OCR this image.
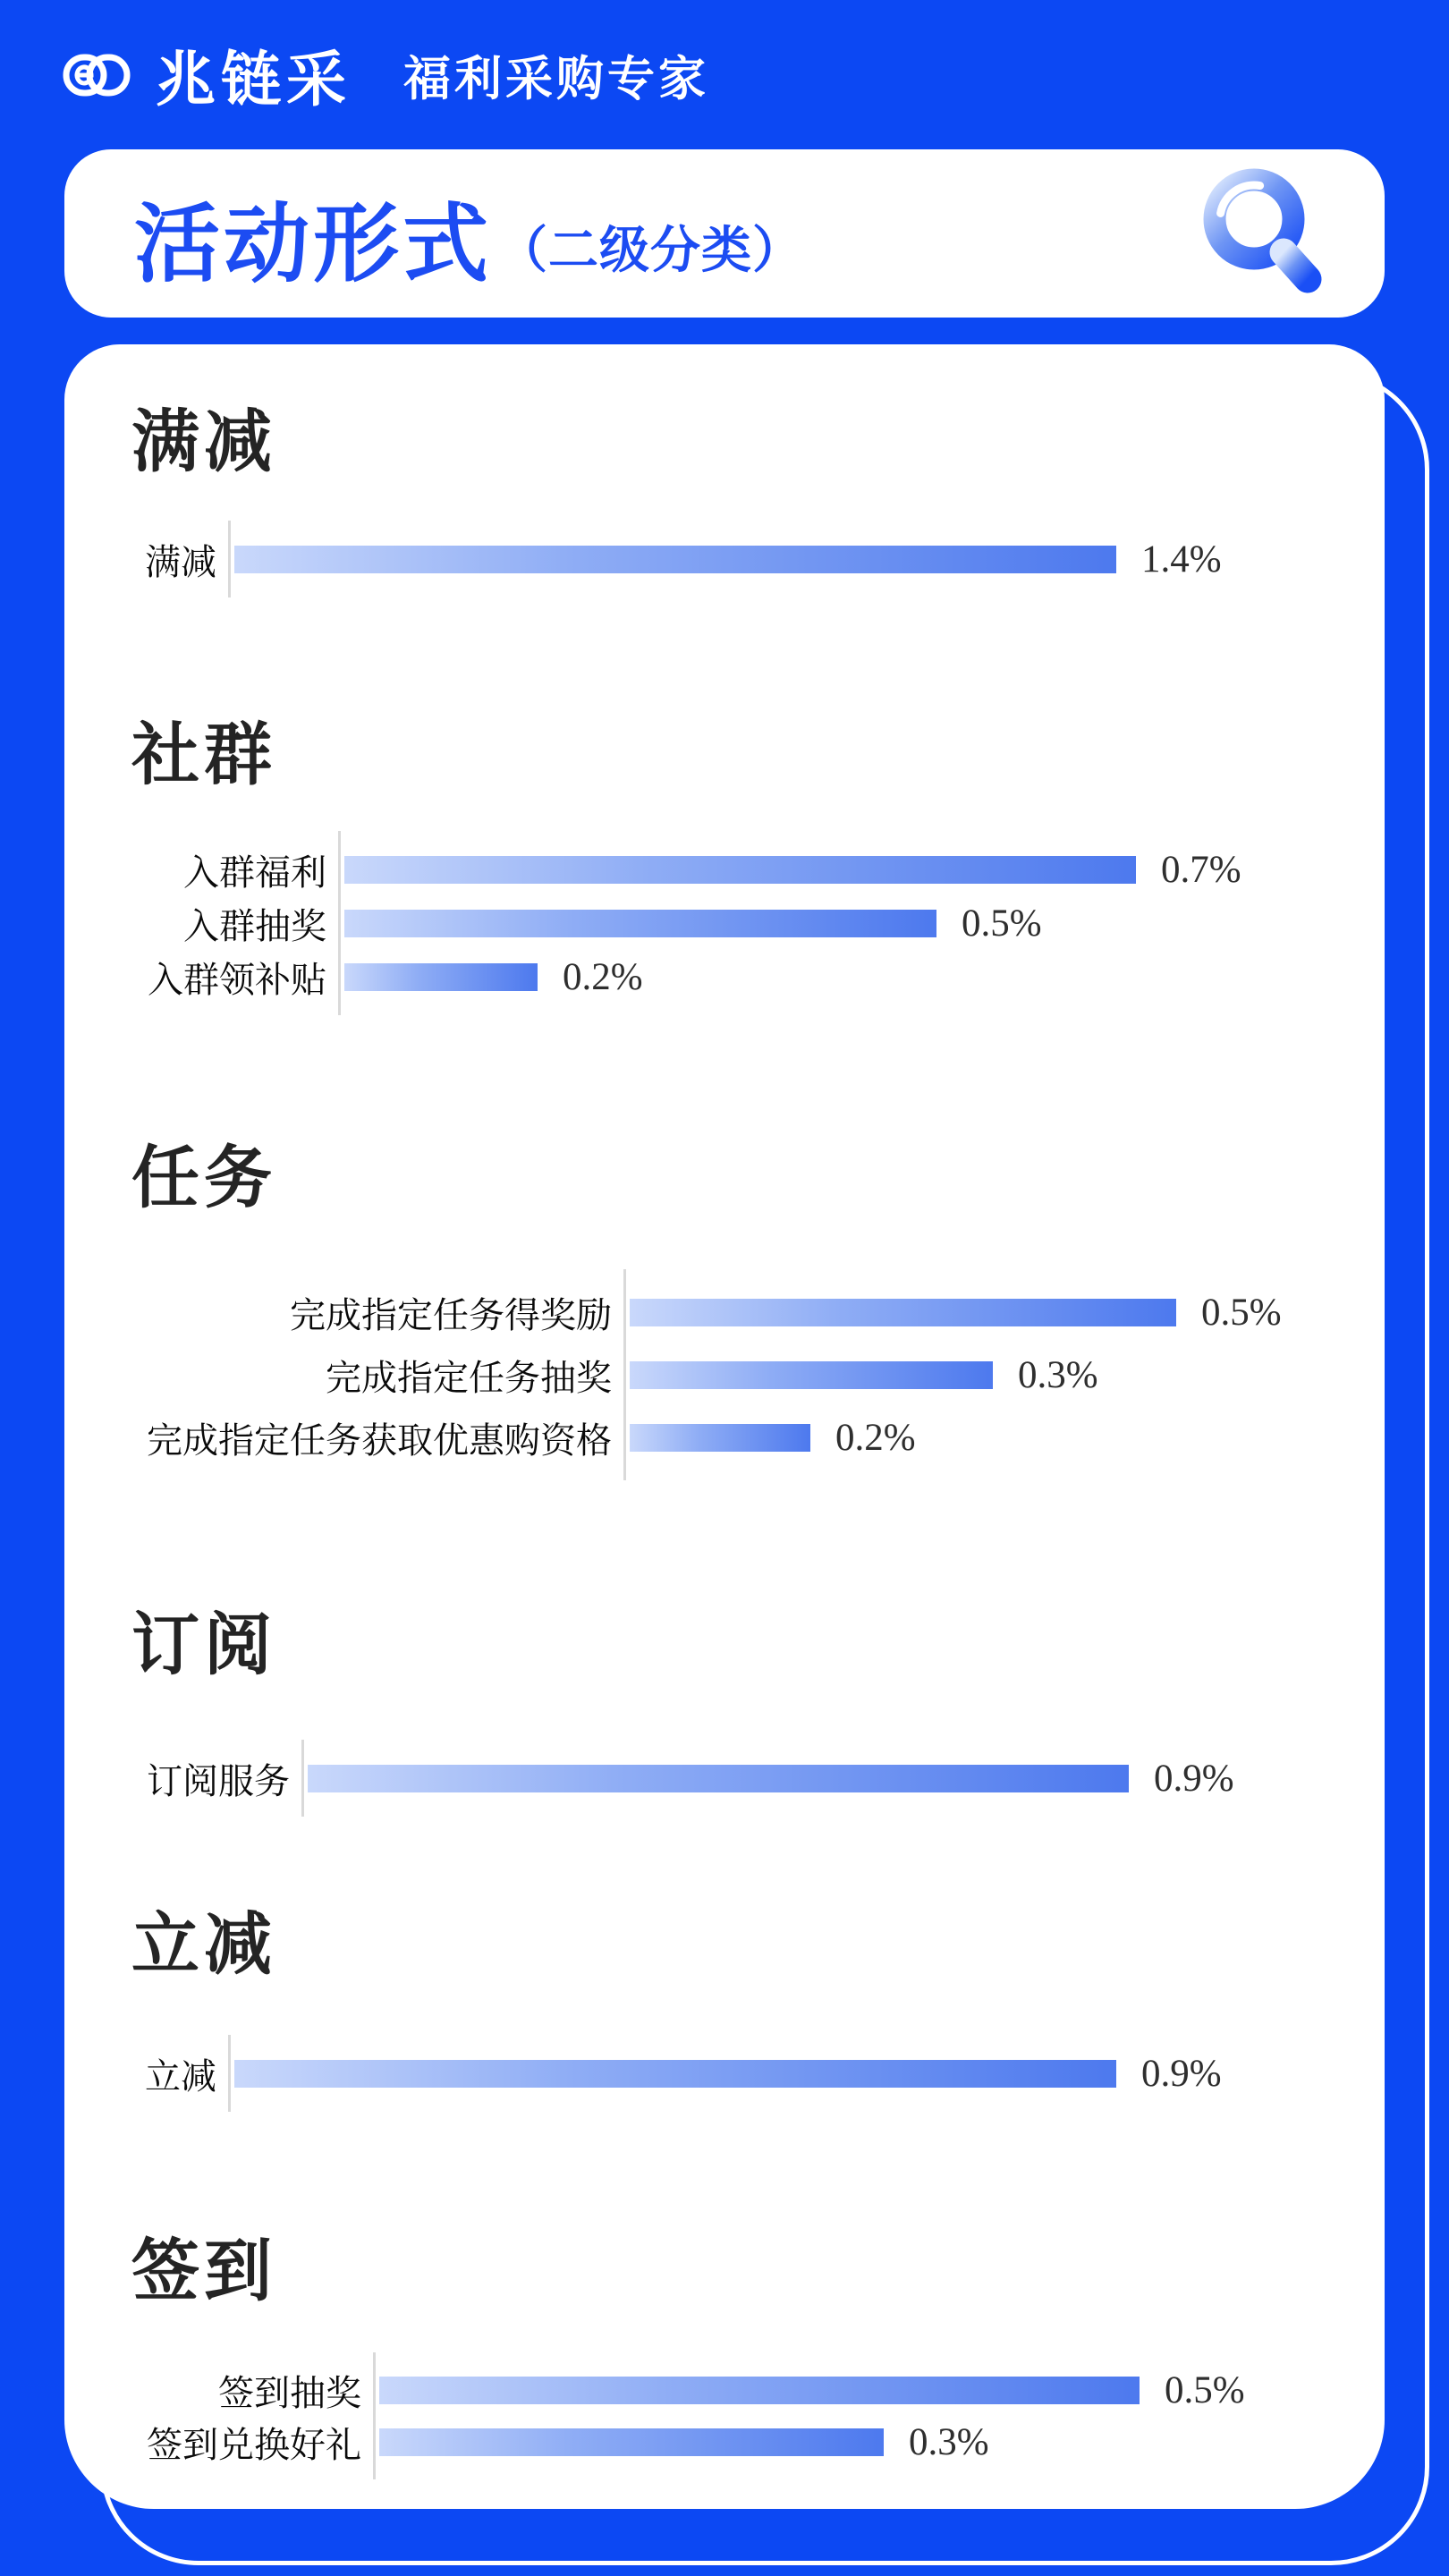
兆链采 福利采购专家
活动形式 （二级分类）
满减
满减	1.4%
社群
入群福利	0.7%
入群抽奖	0.5%
入群领补贴	0.2%
任务
完成指定任务得奖励	0.5%
完成指定任务抽奖	0.3%
完成指定任务获取优惠购资格	0.2%
订阅
订阅服务	0.9%
立减
立减	0.9%
签到
签到抽奖	0.5%
签到兑换好礼	0.3%
